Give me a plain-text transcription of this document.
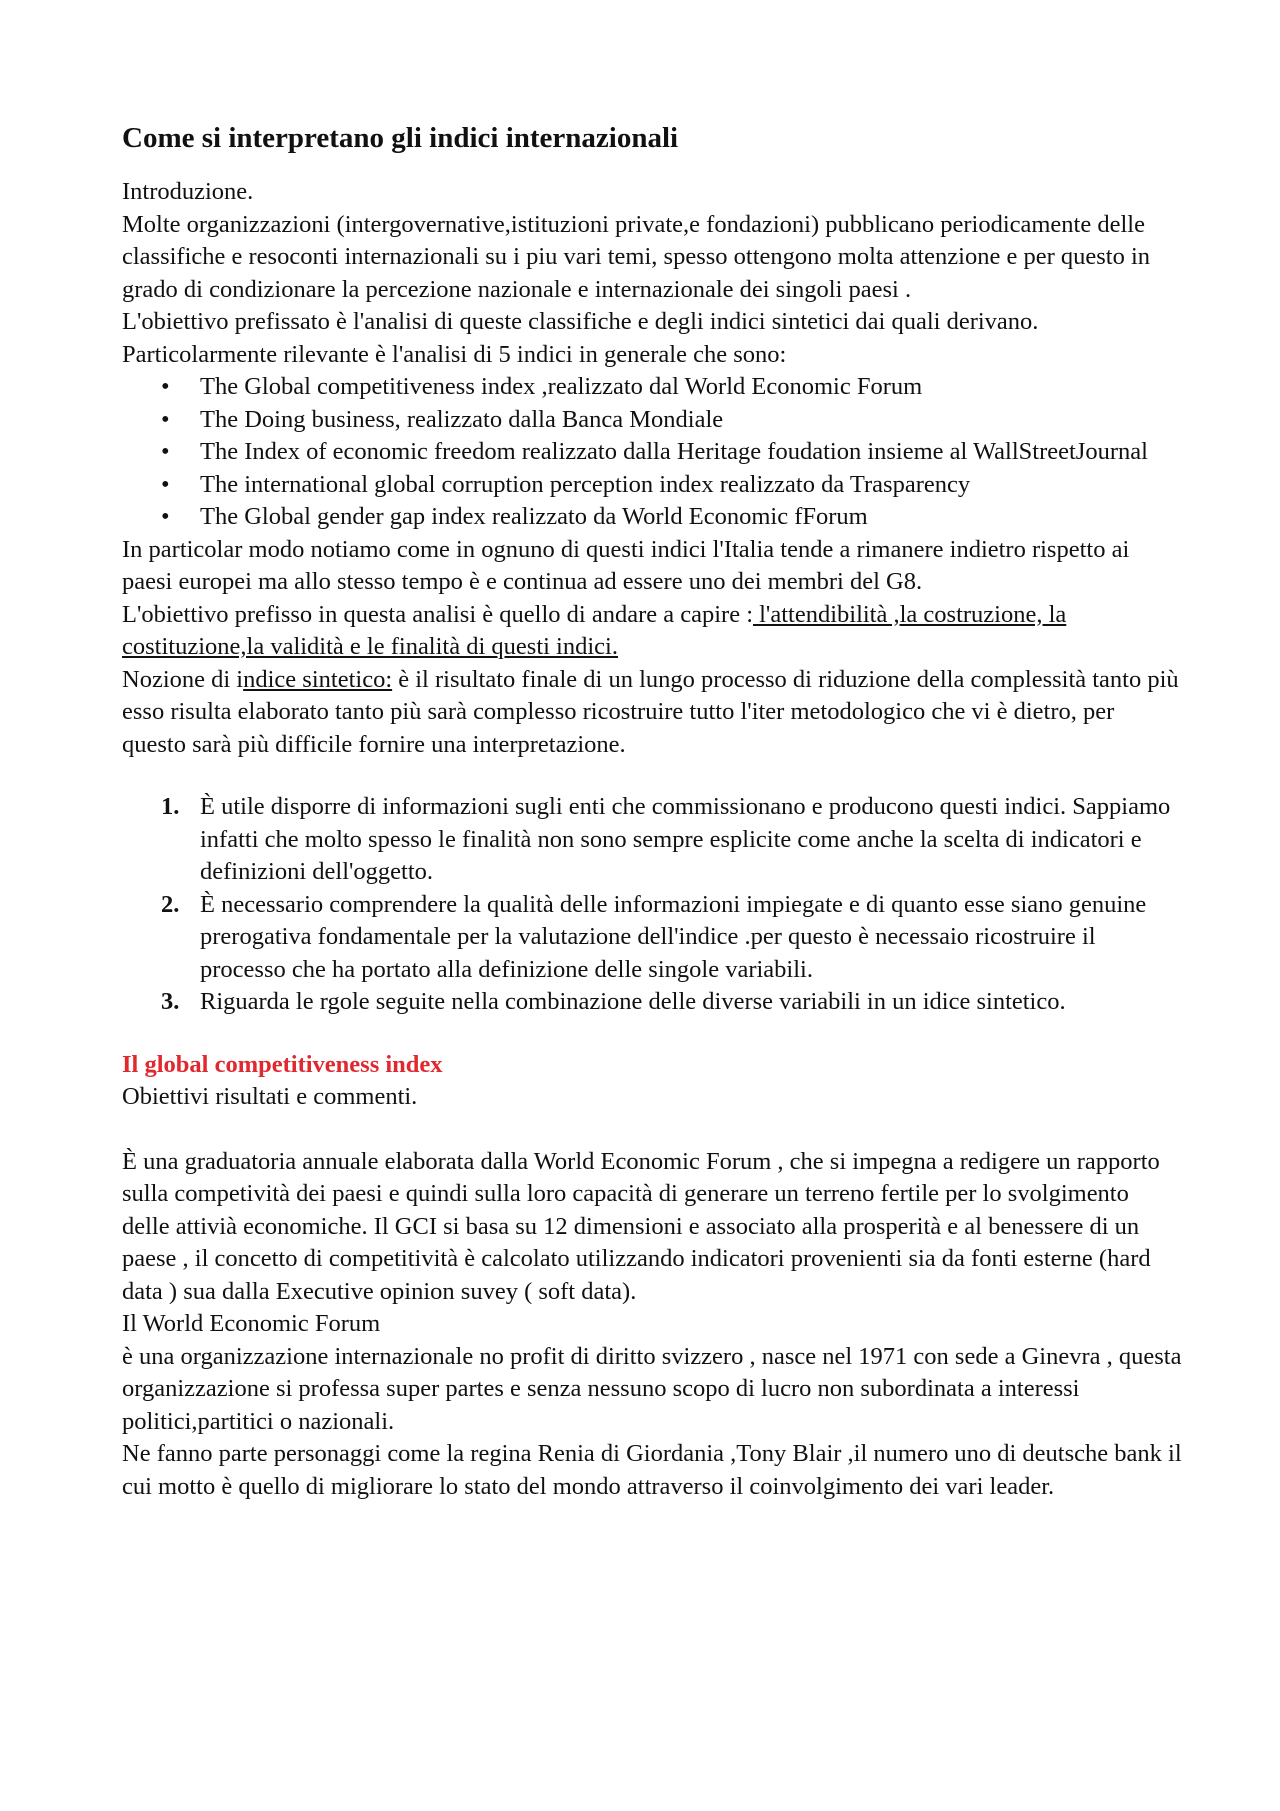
Come si interpretano gli indici internazionali

Introduzione.

Molte organizzazioni (intergovernative,istituzioni private,e fondazioni) pubblicano periodicamente delle classifiche e resoconti internazionali su i piu vari temi, spesso ottengono molta attenzione e per questo in grado di condizionare la percezione nazionale e internazionale dei singoli paesi .

L'obiettivo prefissato è l'analisi di queste classifiche e degli indici sintetici dai quali derivano. Particolarmente rilevante è l'analisi di 5 indici in generale che sono:

• The Global competitiveness index ,realizzato dal World Economic Forum
• The Doing business, realizzato dalla Banca Mondiale
• The Index of economic freedom realizzato dalla Heritage foudation insieme al WallStreetJournal
• The international global corruption perception index realizzato da Trasparency
• The Global gender gap index realizzato da World Economic fForum

In particolar modo notiamo come in ognuno di questi indici l'Italia tende a rimanere indietro rispetto ai paesi europei ma allo stesso tempo è e continua ad essere uno dei membri del G8.

L'obiettivo prefisso in questa analisi è quello di andare a capire : l'attendibilità ,la costruzione, la costituzione,la validità e le finalità di questi indici.

Nozione di indice sintetico: è il risultato finale di un lungo processo di riduzione della complessità tanto più esso risulta elaborato tanto più sarà complesso ricostruire tutto l'iter metodologico che vi è dietro, per questo sarà più difficile fornire una interpretazione.

1. È utile disporre di informazioni sugli enti che commissionano e producono questi indici. Sappiamo infatti che molto spesso le finalità non sono sempre esplicite come anche la scelta di indicatori e definizioni dell'oggetto.
2. È necessario comprendere la qualità delle informazioni impiegate e di quanto esse siano genuine prerogativa fondamentale per la valutazione dell'indice .per questo è necessaio ricostruire il processo che ha portato alla definizione delle singole variabili.
3. Riguarda le rgole seguite nella combinazione delle diverse variabili in un idice sintetico.

Il global competitiveness index

Obiettivi risultati e commenti.

È una graduatoria annuale elaborata dalla World Economic Forum , che si impegna a redigere un rapporto sulla competività dei paesi e quindi sulla loro capacità di generare un terreno fertile per lo svolgimento delle attivià economiche. Il GCI si basa su 12 dimensioni e associato alla prosperità e al benessere di un paese , il concetto di competitività è calcolato utilizzando indicatori provenienti sia da fonti esterne (hard data ) sua dalla Executive opinion suvey ( soft data).

Il World Economic Forum

è una organizzazione internazionale no profit di diritto svizzero , nasce nel 1971 con sede a Ginevra , questa organizzazione si professa super partes e senza nessuno scopo di lucro non subordinata a interessi politici,partitici o nazionali.

Ne fanno parte personaggi come la regina Renia di Giordania ,Tony Blair ,il numero uno di deutsche bank il cui motto è quello di migliorare lo stato del mondo attraverso il coinvolgimento dei vari leader.
